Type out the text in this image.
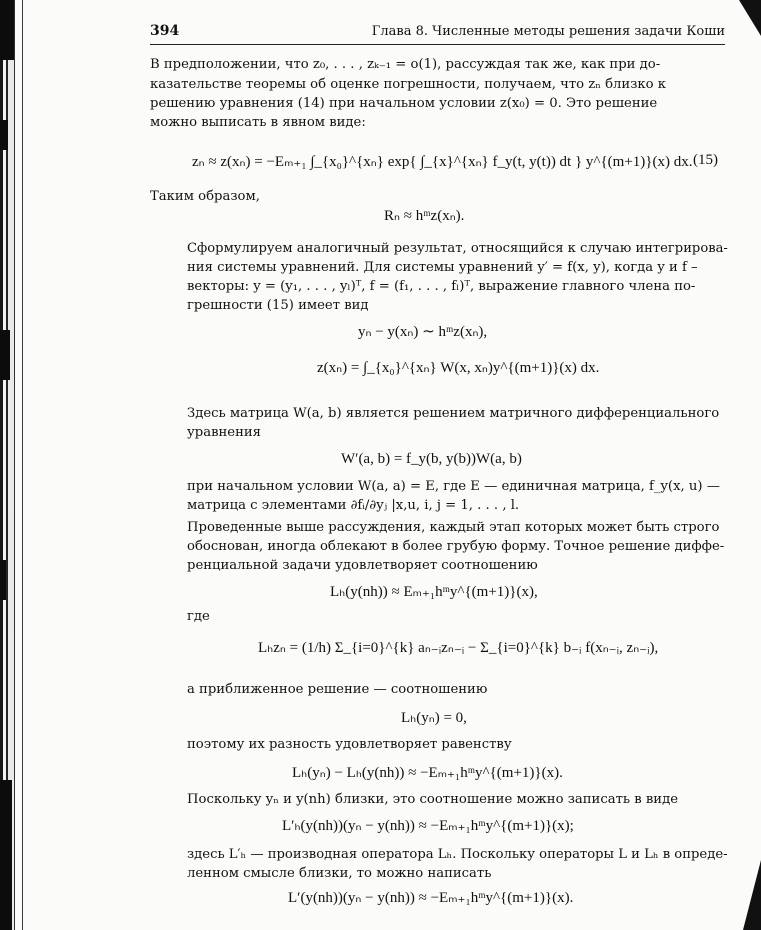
394	Глава 8. Численные методы решения задачи Коши
В предположении, что z₀, . . . , zₖ₋₁ = o(1), рассуждая так же, как при до-
казательстве теоремы об оценке погрешности, получаем, что zₙ близко к
решению уравнения (14) при начальном условии z(x₀) = 0. Это решение
можно выписать в явном виде:
zₙ ≈ z(xₙ) = −Eₘ₊₁ ∫_{x₀}^{xₙ} exp{ ∫_{x}^{xₙ} f_y(t, y(t)) dt } y^{(m+1)}(x) dx. (15)
Таким образом,
Rₙ ≈ hᵐz(xₙ).
Сформулируем аналогичный результат, относящийся к случаю интегрирова-
ния системы уравнений. Для системы уравнений y′ = f(x, y), когда y и f –
векторы: y = (y₁, . . . , yₗ)ᵀ, f = (f₁, . . . , fₗ)ᵀ, выражение главного члена по-
грешности (15) имеет вид
yₙ − y(xₙ) ∼ hᵐz(xₙ),
z(xₙ) = ∫_{x₀}^{xₙ} W(x, xₙ)y^{(m+1)}(x) dx.
Здесь матрица W(a, b) является решением матричного дифференциального
уравнения
W′(a, b) = f_y(b, y(b))W(a, b)
при начальном условии W(a, a) = E, где E — единичная матрица, f_y(x, u) —
матрица с элементами ∂fᵢ/∂yⱼ |x,u, i, j = 1, . . . , l.
Проведенные выше рассуждения, каждый этап которых может быть строго
обоснован, иногда облекают в более грубую форму. Точное решение диффе-
ренциальной задачи удовлетворяет соотношению
Lₕ(y(nh)) ≈ Eₘ₊₁hᵐy^{(m+1)}(x),
где
Lₕzₙ = (1/h) Σ_{i=0}^{k} aₙ₋ᵢzₙ₋ᵢ − Σ_{i=0}^{k} b₋ᵢ f(xₙ₋ᵢ, zₙ₋ᵢ),
а приближенное решение — соотношению
Lₕ(yₙ) = 0,
поэтому их разность удовлетворяет равенству
Lₕ(yₙ) − Lₕ(y(nh)) ≈ −Eₘ₊₁hᵐy^{(m+1)}(x).
Поскольку yₙ и y(nh) близки, это соотношение можно записать в виде
L′ₕ(y(nh))(yₙ − y(nh)) ≈ −Eₘ₊₁hᵐy^{(m+1)}(x);
здесь L′ₕ — производная оператора Lₕ. Поскольку операторы L и Lₕ в опреде-
ленном смысле близки, то можно написать
L′(y(nh))(yₙ − y(nh)) ≈ −Eₘ₊₁hᵐy^{(m+1)}(x).
